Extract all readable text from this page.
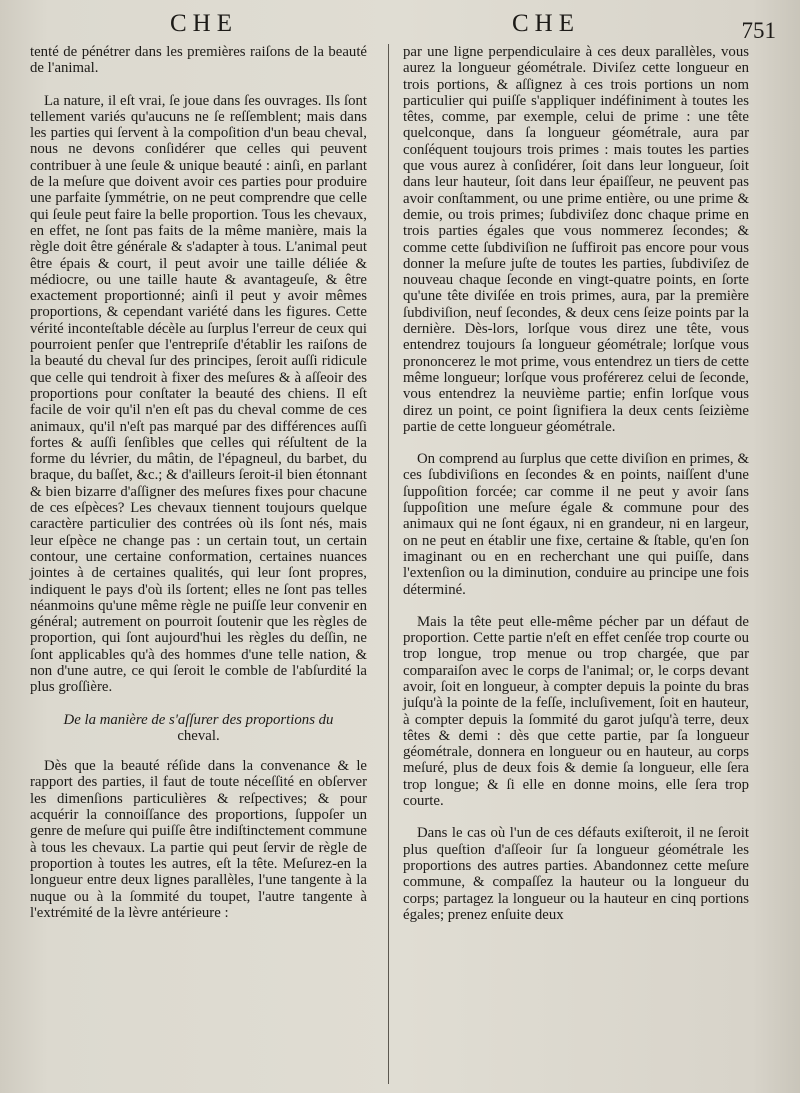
CHE	CHE	751

tenté de pénétrer dans les premières raiſons de la beauté de l'animal.

La nature, il eſt vrai, ſe joue dans ſes ouvrages. Ils ſont tellement variés qu'aucuns ne ſe reſſemblent; mais dans les parties qui ſervent à la compoſition d'un beau cheval, nous ne devons conſidérer que celles qui peuvent contribuer à une ſeule & unique beauté : ainſi, en parlant de la meſure que doivent avoir ces parties pour produire une parfaite ſymmétrie, on ne peut comprendre que celle qui ſeule peut faire la belle proportion. Tous les chevaux, en effet, ne ſont pas faits de la même manière, mais la règle doit être générale & s'adapter à tous. L'animal peut être épais & court, il peut avoir une taille déliée & médiocre, ou une taille haute & avantageuſe, & être exactement proportionné; ainſi il peut y avoir mêmes proportions, & cependant variété dans les figures. Cette vérité inconteſtable décèle au ſurplus l'erreur de ceux qui pourroient penſer que l'entrepriſe d'établir les raiſons de la beauté du cheval ſur des principes, ſeroit auſſi ridicule que celle qui tendroit à fixer des meſures & à aſſeoir des proportions pour conſtater la beauté des chiens. Il eſt facile de voir qu'il n'en eſt pas du cheval comme de ces animaux, qu'il n'eſt pas marqué par des différences auſſi fortes & auſſi ſenſibles que celles qui réſultent de la forme du lévrier, du mâtin, de l'épagneul, du barbet, du braque, du baſſet, &c.; & d'ailleurs ſeroit-il bien étonnant & bien bizarre d'aſſigner des meſures fixes pour chacune de ces eſpèces? Les chevaux tiennent toujours quelque caractère particulier des contrées où ils ſont nés, mais leur eſpèce ne change pas : un certain tout, un certain contour, une certaine conformation, certaines nuances jointes à de certaines qualités, qui leur ſont propres, indiquent le pays d'où ils ſortent; elles ne ſont pas telles néanmoins qu'une même règle ne puiſſe leur convenir en général; autrement on pourroit ſoutenir que les règles de proportion, qui ſont aujourd'hui les règles du deſſin, ne ſont applicables qu'à des hommes d'une telle nation, & non d'une autre, ce qui ſeroit le comble de l'abſurdité la plus groſſière.

De la manière de s'aſſurer des proportions du
cheval.

Dès que la beauté réſide dans la convenance & le rapport des parties, il faut de toute néceſſité en obſerver les dimenſions particulières & reſpectives; & pour acquérir la connoiſſance des proportions, ſuppoſer un genre de meſure qui puiſſe être indiſtinctement commune à tous les chevaux. La partie qui peut ſervir de règle de proportion à toutes les autres, eſt la tête. Meſurez-en la longueur entre deux lignes parallèles, l'une tangente à la nuque ou à la ſommité du toupet, l'autre tangente à l'extrémité de la lèvre antérieure :

par une ligne perpendiculaire à ces deux parallèles, vous aurez la longueur géométrale. Diviſez cette longueur en trois portions, & aſſignez à ces trois portions un nom particulier qui puiſſe s'appliquer indéfiniment à toutes les têtes, comme, par exemple, celui de prime : une tête quelconque, dans ſa longueur géométrale, aura par conſéquent toujours trois primes : mais toutes les parties que vous aurez à conſidérer, ſoit dans leur longueur, ſoit dans leur hauteur, ſoit dans leur épaiſſeur, ne peuvent pas avoir conſtamment, ou une prime entière, ou une prime & demie, ou trois primes; ſubdiviſez donc chaque prime en trois parties égales que vous nommerez ſecondes; & comme cette ſubdiviſion ne ſuffiroit pas encore pour vous donner la meſure juſte de toutes les parties, ſubdiviſez de nouveau chaque ſeconde en vingt-quatre points, en ſorte qu'une tête diviſée en trois primes, aura, par la première ſubdiviſion, neuf ſecondes, & deux cens ſeize points par la dernière. Dès-lors, lorſque vous direz une tête, vous entendrez toujours ſa longueur géométrale; lorſque vous prononcerez le mot prime, vous entendrez un tiers de cette même longueur; lorſque vous proférerez celui de ſeconde, vous entendrez la neuvième partie; enfin lorſque vous direz un point, ce point ſignifiera la deux cents ſeizième partie de cette longueur géométrale.

On comprend au ſurplus que cette diviſion en primes, & ces ſubdiviſions en ſecondes & en points, naiſſent d'une ſuppoſition forcée; car comme il ne peut y avoir ſans ſuppoſition une meſure égale & commune pour des animaux qui ne ſont égaux, ni en grandeur, ni en largeur, on ne peut en établir une fixe, certaine & ſtable, qu'en ſon imaginant ou en en recherchant une qui puiſſe, dans l'extenſion ou la diminution, conduire au principe une fois déterminé.

Mais la tête peut elle-même pécher par un défaut de proportion. Cette partie n'eſt en effet cenſée trop courte ou trop longue, trop menue ou trop chargée, que par comparaiſon avec le corps de l'animal; or, le corps devant avoir, ſoit en longueur, à compter depuis la pointe du bras juſqu'à la pointe de la feſſe, incluſivement, ſoit en hauteur, à compter depuis la ſommité du garot juſqu'à terre, deux têtes & demi : dès que cette partie, par ſa longueur géométrale, donnera en longueur ou en hauteur, au corps meſuré, plus de deux fois & demie ſa longueur, elle ſera trop longue; & ſi elle en donne moins, elle ſera trop courte.

Dans le cas où l'un de ces défauts exiſteroit, il ne ſeroit plus queſtion d'aſſeoir ſur ſa longueur géométrale les proportions des autres parties. Abandonnez cette meſure commune, & compaſſez la hauteur ou la longueur du corps; partagez la longueur ou la hauteur en cinq portions égales; prenez enſuite deux
